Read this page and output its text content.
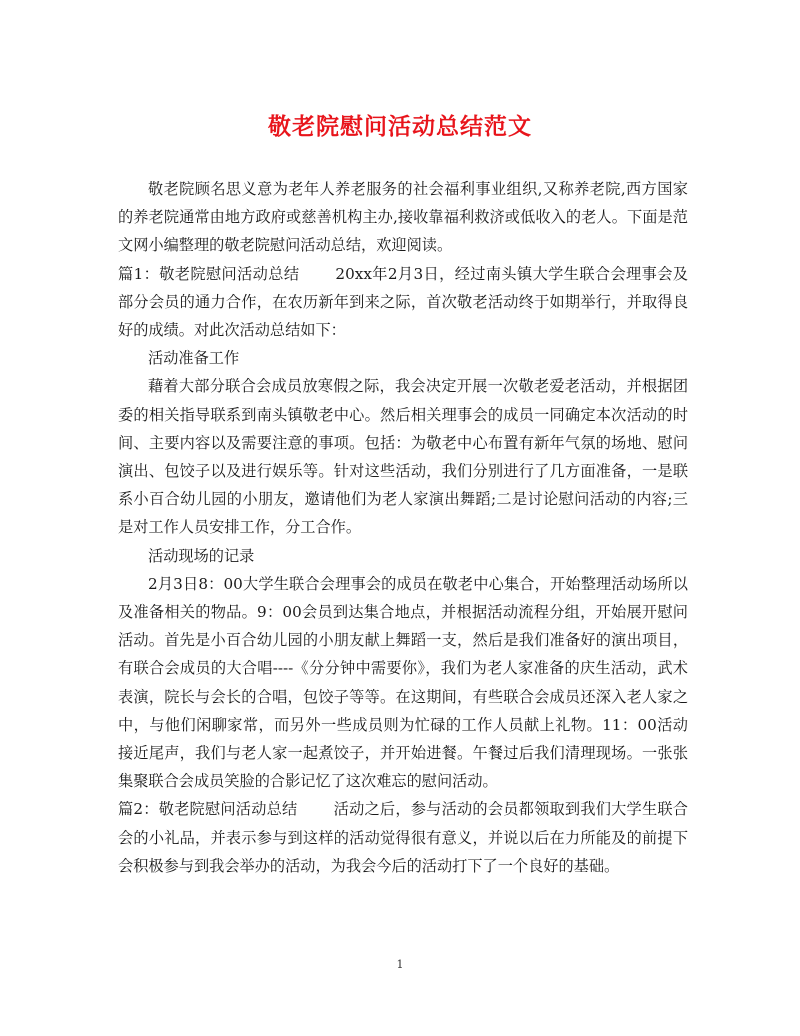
敬老院慰问活动总结范文

敬老院顾名思义意为老年人养老服务的社会福利事业组织,又称养老院,西方国家的养老院通常由地方政府或慈善机构主办,接收靠福利救济或低收入的老人。下面是范文网小编整理的敬老院慰问活动总结，欢迎阅读。

篇1：敬老院慰问活动总结 20xx年2月3日，经过南头镇大学生联合会理事会及部分会员的通力合作，在农历新年到来之际，首次敬老活动终于如期举行，并取得良好的成绩。对此次活动总结如下：

活动准备工作

藉着大部分联合会成员放寒假之际，我会决定开展一次敬老爱老活动，并根据团委的相关指导联系到南头镇敬老中心。然后相关理事会的成员一同确定本次活动的时间、主要内容以及需要注意的事项。包括：为敬老中心布置有新年气氛的场地、慰问演出、包饺子以及进行娱乐等。针对这些活动，我们分别进行了几方面准备，一是联系小百合幼儿园的小朋友，邀请他们为老人家演出舞蹈;二是讨论慰问活动的内容;三是对工作人员安排工作，分工合作。

活动现场的记录

2月3日8：00大学生联合会理事会的成员在敬老中心集合，开始整理活动场所以及准备相关的物品。9：00会员到达集合地点，并根据活动流程分组，开始展开慰问活动。首先是小百合幼儿园的小朋友献上舞蹈一支，然后是我们准备好的演出项目，有联合会成员的大合唱----《分分钟中需要你》，我们为老人家准备的庆生活动，武术表演，院长与会长的合唱，包饺子等等。在这期间，有些联合会成员还深入老人家之中，与他们闲聊家常，而另外一些成员则为忙碌的工作人员献上礼物。11：00活动接近尾声，我们与老人家一起煮饺子，并开始进餐。午餐过后我们清理现场。一张张集聚联合会成员笑脸的合影记忆了这次难忘的慰问活动。

篇2：敬老院慰问活动总结 活动之后，参与活动的会员都领取到我们大学生联合会的小礼品，并表示参与到这样的活动觉得很有意义，并说以后在力所能及的前提下会积极参与到我会举办的活动，为我会今后的活动打下了一个良好的基础。

1
